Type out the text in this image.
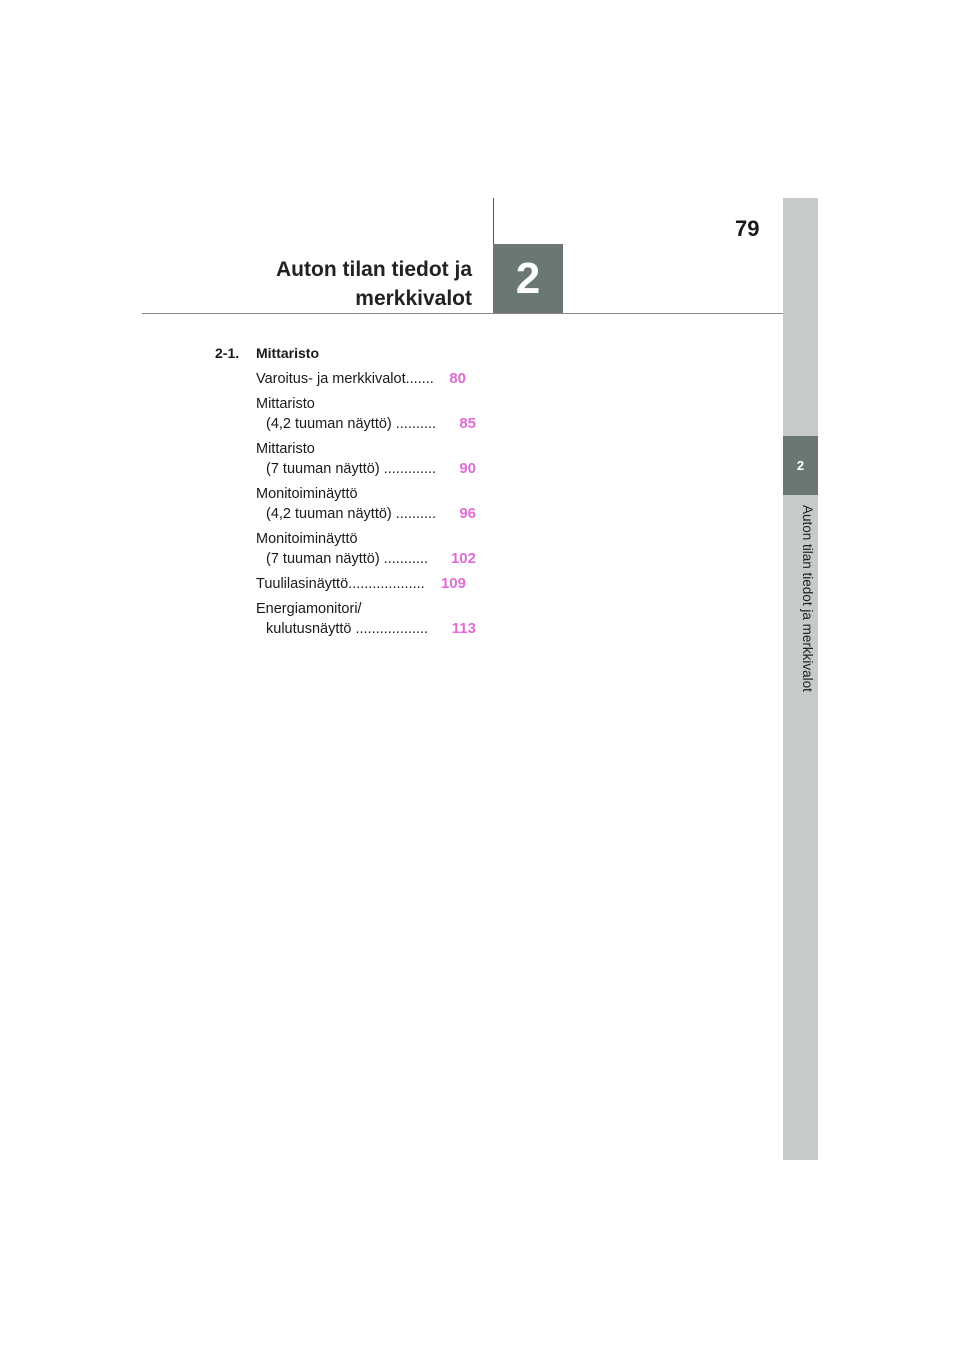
79
2
Auton tilan tiedot ja
merkkivalot
2
Auton tilan tiedot ja merkkivalot
2-1.	Mittaristo
Varoitus- ja merkkivalot.......	80
Mittaristo
(4,2 tuuman näyttö) ..........	85
Mittaristo
(7 tuuman näyttö) .............	90
Monitoiminäyttö
(4,2 tuuman näyttö) ..........	96
Monitoiminäyttö
(7 tuuman näyttö) ...........	102
Tuulilasinäyttö...................	109
Energiamonitori/
kulutusnäyttö ..................	113
